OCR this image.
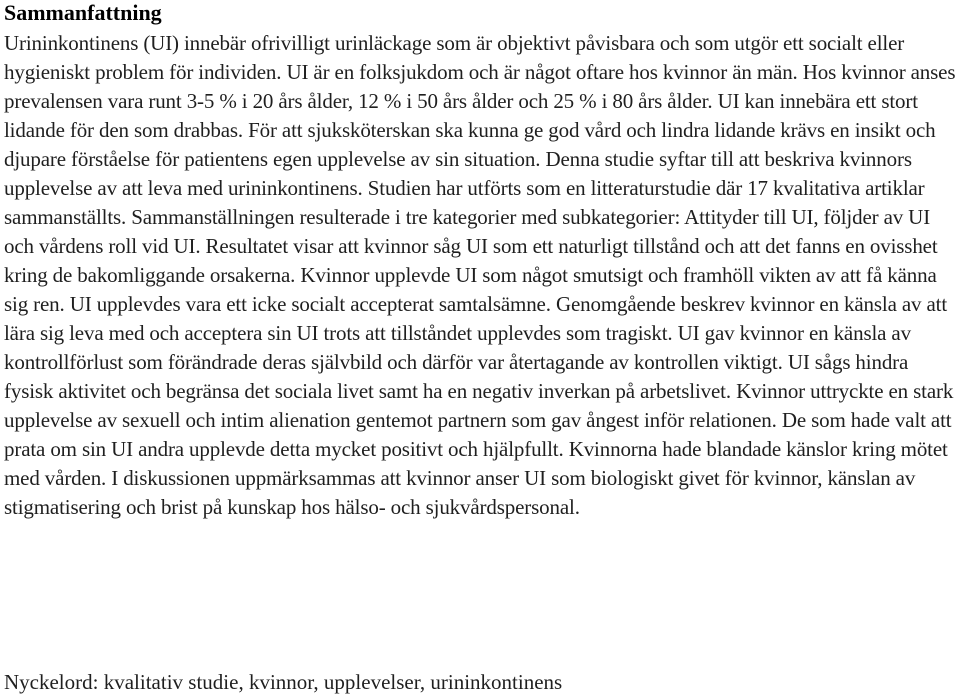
Sammanfattning

Urininkontinens (UI) innebär ofrivilligt urinläckage som är objektivt påvisbara och som utgör ett socialt eller hygieniskt problem för individen. UI är en folksjukdom och är något oftare hos kvinnor än män. Hos kvinnor anses prevalensen vara runt 3-5 % i 20 års ålder, 12 % i 50 års ålder och 25 % i 80 års ålder. UI kan innebära ett stort lidande för den som drabbas. För att sjuksköterskan ska kunna ge god vård och lindra lidande krävs en insikt och djupare förståelse för patientens egen upplevelse av sin situation. Denna studie syftar till att beskriva kvinnors upplevelse av att leva med urininkontinens. Studien har utförts som en litteraturstudie där 17 kvalitativa artiklar sammanställts. Sammanställningen resulterade i tre kategorier med subkategorier: Attityder till UI, följder av UI och vårdens roll vid UI. Resultatet visar att kvinnor såg UI som ett naturligt tillstånd och att det fanns en ovisshet kring de bakomliggande orsakerna. Kvinnor upplevde UI som något smutsigt och framhöll vikten av att få känna sig ren. UI upplevdes vara ett icke socialt accepterat samtalsämne. Genomgående beskrev kvinnor en känsla av att lära sig leva med och acceptera sin UI trots att tillståndet upplevdes som tragiskt. UI gav kvinnor en känsla av kontrollförlust som förändrade deras självbild och därför var återtagande av kontrollen viktigt. UI sågs hindra fysisk aktivitet och begränsa det sociala livet samt ha en negativ inverkan på arbetslivet. Kvinnor uttryckte en stark upplevelse av sexuell och intim alienation gentemot partnern som gav ångest inför relationen. De som hade valt att prata om sin UI andra upplevde detta mycket positivt och hjälpfullt. Kvinnorna hade blandade känslor kring mötet med vården. I diskussionen uppmärksammas att kvinnor anser UI som biologiskt givet för kvinnor, känslan av stigmatisering och brist på kunskap hos hälso- och sjukvårdspersonal.

Nyckelord: kvalitativ studie, kvinnor, upplevelser, urininkontinens
